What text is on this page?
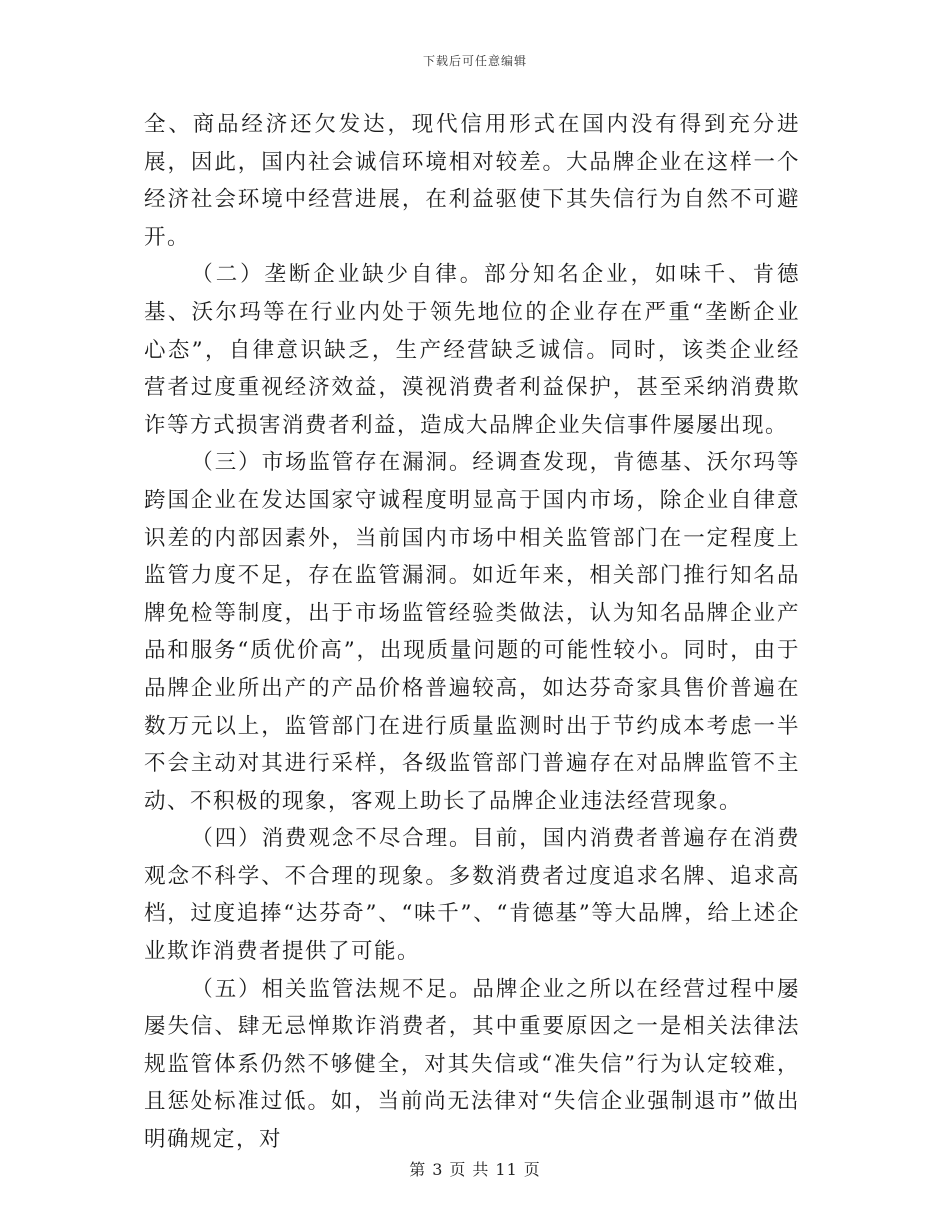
下载后可任意编辑

全、商品经济还欠发达，现代信用形式在国内没有得到充分进展，因此，国内社会诚信环境相对较差。大品牌企业在这样一个经济社会环境中经营进展，在利益驱使下其失信行为自然不可避开。

（二）垄断企业缺少自律。部分知名企业，如味千、肯德基、沃尔玛等在行业内处于领先地位的企业存在严重“垄断企业心态”，自律意识缺乏，生产经营缺乏诚信。同时，该类企业经营者过度重视经济效益，漠视消费者利益保护，甚至采纳消费欺诈等方式损害消费者利益，造成大品牌企业失信事件屡屡出现。

（三）市场监管存在漏洞。经调查发现，肯德基、沃尔玛等跨国企业在发达国家守诚程度明显高于国内市场，除企业自律意识差的内部因素外，当前国内市场中相关监管部门在一定程度上监管力度不足，存在监管漏洞。如近年来，相关部门推行知名品牌免检等制度，出于市场监管经验类做法，认为知名品牌企业产品和服务“质优价高”，出现质量问题的可能性较小。同时，由于品牌企业所出产的产品价格普遍较高，如达芬奇家具售价普遍在数万元以上，监管部门在进行质量监测时出于节约成本考虑一半不会主动对其进行采样，各级监管部门普遍存在对品牌监管不主动、不积极的现象，客观上助长了品牌企业违法经营现象。

（四）消费观念不尽合理。目前，国内消费者普遍存在消费观念不科学、不合理的现象。多数消费者过度追求名牌、追求高档，过度追捧“达芬奇”、“味千”、“肯德基”等大品牌，给上述企业欺诈消费者提供了可能。

（五）相关监管法规不足。品牌企业之所以在经营过程中屡屡失信、肆无忌惮欺诈消费者，其中重要原因之一是相关法律法规监管体系仍然不够健全，对其失信或“准失信”行为认定较难，且惩处标准过低。如，当前尚无法律对“失信企业强制退市”做出明确规定，对

第 3 页 共 11 页
